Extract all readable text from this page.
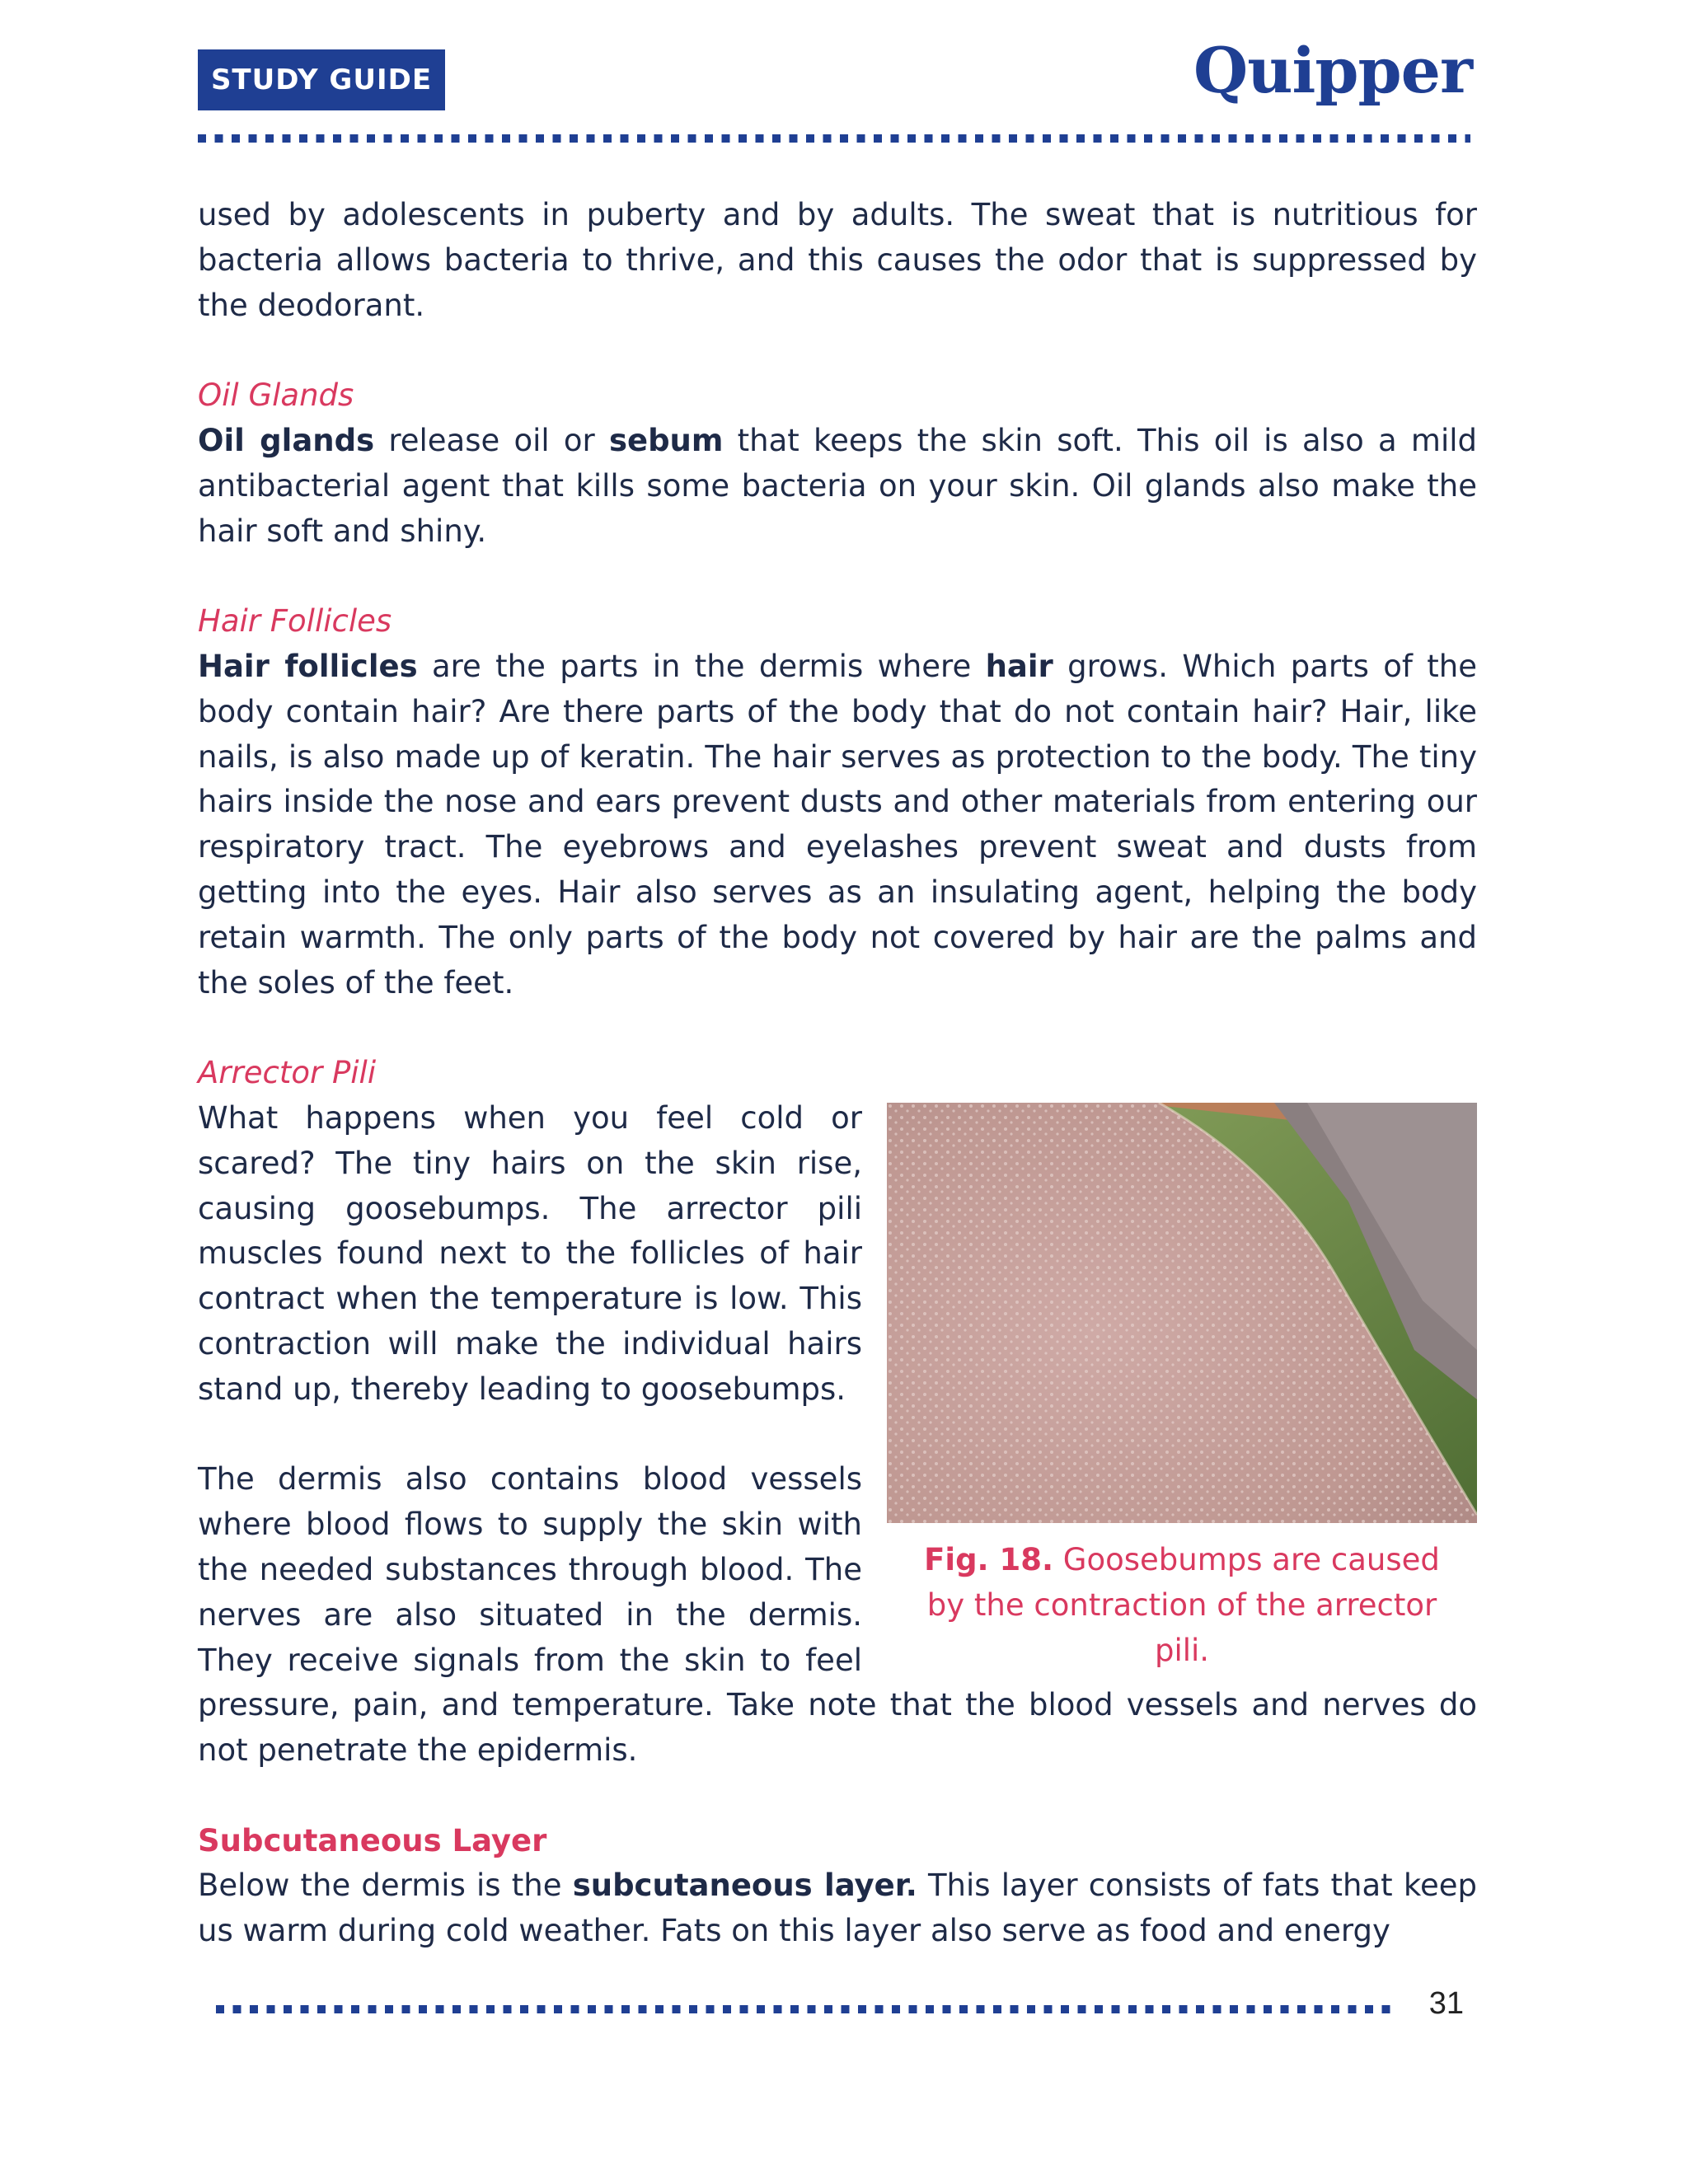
STUDY GUIDE	Quipper

used by adolescents in puberty and by adults. The sweat that is nutritious for bacteria allows bacteria to thrive, and this causes the odor that is suppressed by the deodorant.

Oil Glands

Oil glands release oil or sebum that keeps the skin soft. This oil is also a mild antibacterial agent that kills some bacteria on your skin. Oil glands also make the hair soft and shiny.

Hair Follicles

Hair follicles are the parts in the dermis where hair grows. Which parts of the body contain hair? Are there parts of the body that do not contain hair? Hair, like nails, is also made up of keratin. The hair serves as protection to the body. The tiny hairs inside the nose and ears prevent dusts and other materials from entering our respiratory tract. The eyebrows and eyelashes prevent sweat and dusts from getting into the eyes. Hair also serves as an insulating agent, helping the body retain warmth. The only parts of the body not covered by hair are the palms and the soles of the feet.

Arrector Pili

Fig. 18. Goosebumps are caused by the contraction of the arrector pili.

What happens when you feel cold or scared? The tiny hairs on the skin rise, causing goosebumps. The arrector pili muscles found next to the follicles of hair contract when the temperature is low. This contraction will make the individual hairs stand up, thereby leading to goosebumps.

The dermis also contains blood vessels where blood flows to supply the skin with the needed substances through blood. The nerves are also situated in the dermis. They receive signals from the skin to feel pressure, pain, and temperature. Take note that the blood vessels and nerves do not penetrate the epidermis.

Subcutaneous Layer

Below the dermis is the subcutaneous layer. This layer consists of fats that keep us warm during cold weather. Fats on this layer also serve as food and energy

31
